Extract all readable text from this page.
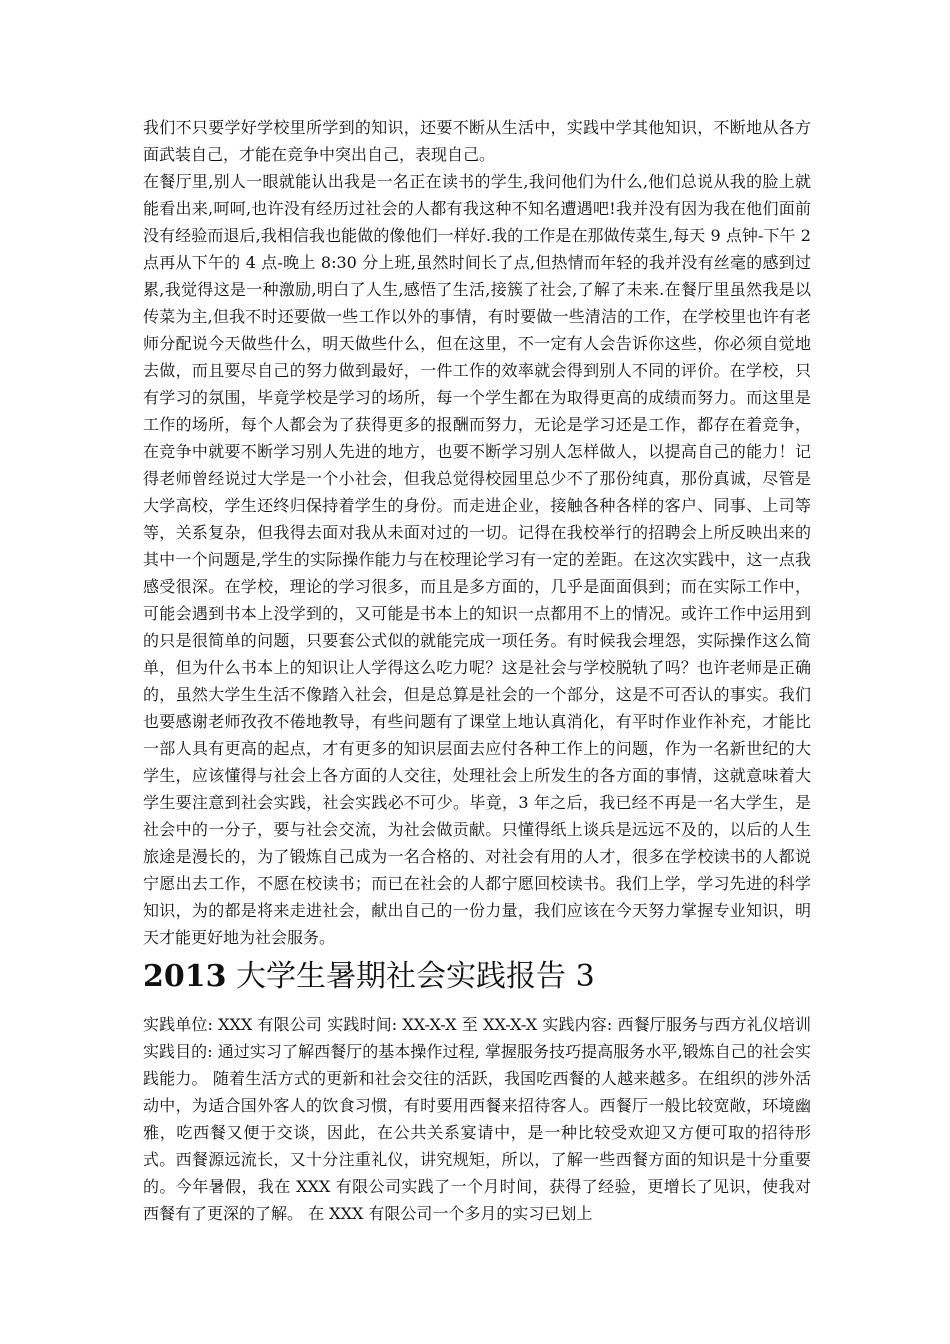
我们不只要学好学校里所学到的知识，还要不断从生活中，实践中学其他知识，不断地从各方面武装自己，才能在竞争中突出自己，表现自己。

在餐厅里,别人一眼就能认出我是一名正在读书的学生,我问他们为什么,他们总说从我的脸上就能看出来,呵呵,也许没有经历过社会的人都有我这种不知名遭遇吧!我并没有因为我在他们面前没有经验而退后,我相信我也能做的像他们一样好.我的工作是在那做传菜生,每天 9 点钟-下午 2 点再从下午的 4 点-晚上 8:30 分上班,虽然时间长了点,但热情而年轻的我并没有丝毫的感到过累,我觉得这是一种激励,明白了人生,感悟了生活,接簇了社会,了解了未来.在餐厅里虽然我是以传菜为主,但我不时还要做一些工作以外的事情，有时要做一些清洁的工作，在学校里也许有老师分配说今天做些什么，明天做些什么，但在这里，不一定有人会告诉你这些，你必须自觉地去做，而且要尽自己的努力做到最好，一件工作的效率就会得到别人不同的评价。在学校，只有学习的氛围，毕竟学校是学习的场所，每一个学生都在为取得更高的成绩而努力。而这里是工作的场所，每个人都会为了获得更多的报酬而努力，无论是学习还是工作，都存在着竞争，在竞争中就要不断学习别人先进的地方，也要不断学习别人怎样做人，以提高自己的能力！记得老师曾经说过大学是一个小社会，但我总觉得校园里总少不了那份纯真，那份真诚，尽管是大学高校，学生还终归保持着学生的身份。而走进企业，接触各种各样的客户、同事、上司等等，关系复杂，但我得去面对我从未面对过的一切。记得在我校举行的招聘会上所反映出来的其中一个问题是,学生的实际操作能力与在校理论学习有一定的差距。在这次实践中，这一点我感受很深。在学校，理论的学习很多，而且是多方面的，几乎是面面俱到；而在实际工作中，可能会遇到书本上没学到的，又可能是书本上的知识一点都用不上的情况。或许工作中运用到的只是很简单的问题，只要套公式似的就能完成一项任务。有时候我会埋怨，实际操作这么简单，但为什么书本上的知识让人学得这么吃力呢？这是社会与学校脱轨了吗？也许老师是正确的，虽然大学生生活不像踏入社会，但是总算是社会的一个部分，这是不可否认的事实。我们也要感谢老师孜孜不倦地教导，有些问题有了课堂上地认真消化，有平时作业作补充，才能比一部人具有更高的起点，才有更多的知识层面去应付各种工作上的问题，作为一名新世纪的大学生，应该懂得与社会上各方面的人交往，处理社会上所发生的各方面的事情，这就意味着大学生要注意到社会实践，社会实践必不可少。毕竟，3 年之后，我已经不再是一名大学生，是社会中的一分子，要与社会交流，为社会做贡献。只懂得纸上谈兵是远远不及的，以后的人生旅途是漫长的，为了锻炼自己成为一名合格的、对社会有用的人才，很多在学校读书的人都说宁愿出去工作，不愿在校读书；而已在社会的人都宁愿回校读书。我们上学，学习先进的科学知识，为的都是将来走进社会，献出自己的一份力量，我们应该在今天努力掌握专业知识，明天才能更好地为社会服务。

2013 大学生暑期社会实践报告 3

实践单位: XXX 有限公司 实践时间: XX-X-X 至 XX-X-X 实践内容: 西餐厅服务与西方礼仪培训 实践目的: 通过实习了解西餐厅的基本操作过程, 掌握服务技巧提高服务水平,锻炼自己的社会实践能力。 随着生活方式的更新和社会交往的活跃，我国吃西餐的人越来越多。在组织的涉外活动中，为适合国外客人的饮食习惯，有时要用西餐来招待客人。西餐厅一般比较宽敞，环境幽雅，吃西餐又便于交谈，因此，在公共关系宴请中，是一种比较受欢迎又方便可取的招待形式。西餐源远流长，又十分注重礼仪，讲究规矩，所以，了解一些西餐方面的知识是十分重要的。今年暑假，我在 XXX 有限公司实践了一个月时间，获得了经验，更增长了见识，使我对西餐有了更深的了解。 在 XXX 有限公司一个多月的实习已划上
